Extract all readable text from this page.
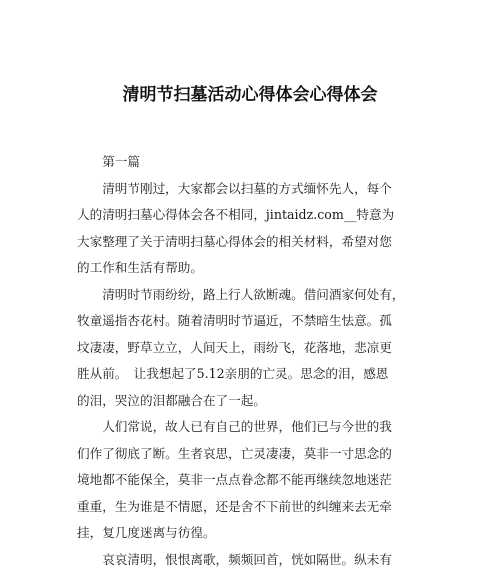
清明节扫墓活动心得体会心得体会
　　第一篇
　　清明节刚过，大家都会以扫墓的方式缅怀先人，每个
人的清明扫墓心得体会各不相同，jintaidz.com__特意为
大家整理了关于清明扫墓心得体会的相关材料，希望对您
的工作和生活有帮助。
　　清明时节雨纷纷，路上行人欲断魂。借问酒家何处有，
牧童遥指杏花村。随着清明时节逼近，不禁暗生怯意。孤
坟凄凄，野草立立，人间天上，雨纷飞，花落地，悲凉更
胜从前。　让我想起了5.12亲朋的亡灵。思念的泪，感恩
的泪，哭泣的泪都融合在了一起。
　　人们常说，故人已有自己的世界，他们已与今世的我
们作了彻底了断。生者哀思，亡灵凄凄，莫非一寸思念的
境地都不能保全，莫非一点点眷念都不能再继续忽地迷茫
重重，生为谁是不情愿，还是舍不下前世的纠缠来去无牵
挂，复几度迷离与彷徨。
　　哀哀清明，恨恨离歌，频频回首，恍如隔世。纵未有
